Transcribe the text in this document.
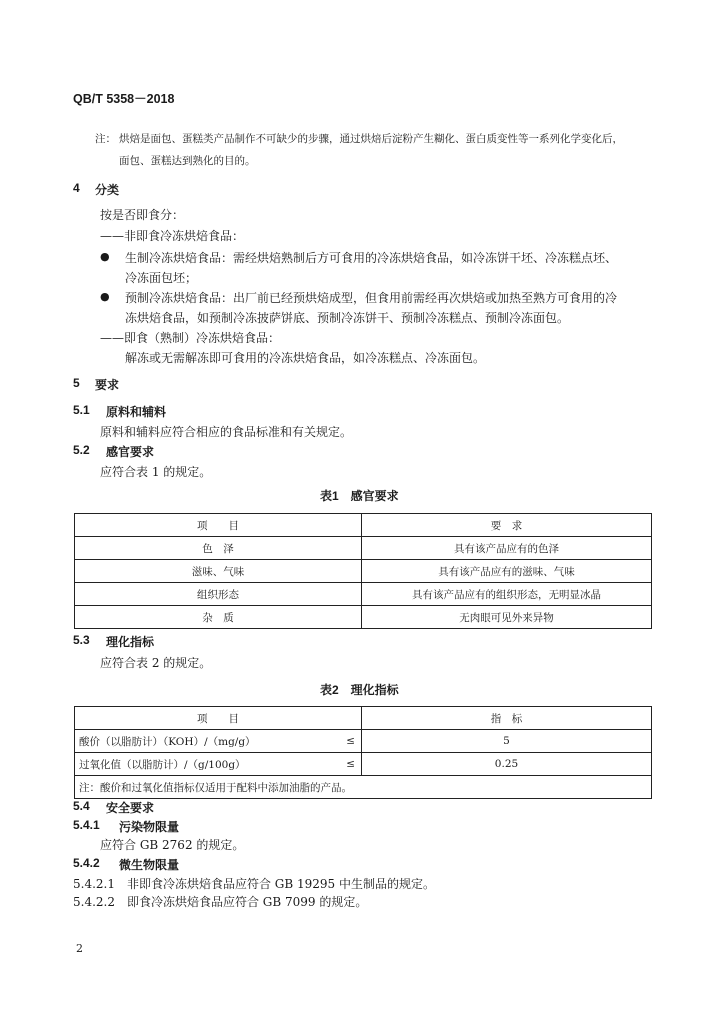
QB/T 5358－2018
注： 烘焙是面包、蛋糕类产品制作不可缺少的步骤，通过烘焙后淀粉产生糊化、蛋白质变性等一系列化学变化后，
面包、蛋糕达到熟化的目的。
4 分类
按是否即食分：
——非即食冷冻烘焙食品：
● 生制冷冻烘焙食品：需经烘焙熟制后方可食用的冷冻烘焙食品，如冷冻饼干坯、冷冻糕点坯、
冷冻面包坯；
● 预制冷冻烘焙食品：出厂前已经预烘焙成型，但食用前需经再次烘焙或加热至熟方可食用的冷
冻烘焙食品，如预制冷冻披萨饼底、预制冷冻饼干、预制冷冻糕点、预制冷冻面包。
——即食（熟制）冷冻烘焙食品：
解冻或无需解冻即可食用的冷冻烘焙食品，如冷冻糕点、冷冻面包。
5 要求
5.1 原料和辅料
原料和辅料应符合相应的食品标准和有关规定。
5.2 感官要求
应符合表 1 的规定。
表1　感官要求
项　　目	要　求
色　泽	具有该产品应有的色泽
滋味、气味	具有该产品应有的滋味、气味
组织形态	具有该产品应有的组织形态，无明显冰晶
杂　质	无肉眼可见外来异物
5.3 理化指标
应符合表 2 的规定。
表2　理化指标
项　　目		指　标
酸价（以脂肪计）（KOH）/（mg/g）	≤	5
过氧化值（以脂肪计）/（g/100g）	≤	0.25
注：酸价和过氧化值指标仅适用于配料中添加油脂的产品。		
5.4 安全要求
5.4.1 污染物限量
应符合 GB 2762 的规定。
5.4.2 微生物限量
5.4.2.1　非即食冷冻烘焙食品应符合 GB 19295 中生制品的规定。
5.4.2.2　即食冷冻烘焙食品应符合 GB 7099 的规定。
2
